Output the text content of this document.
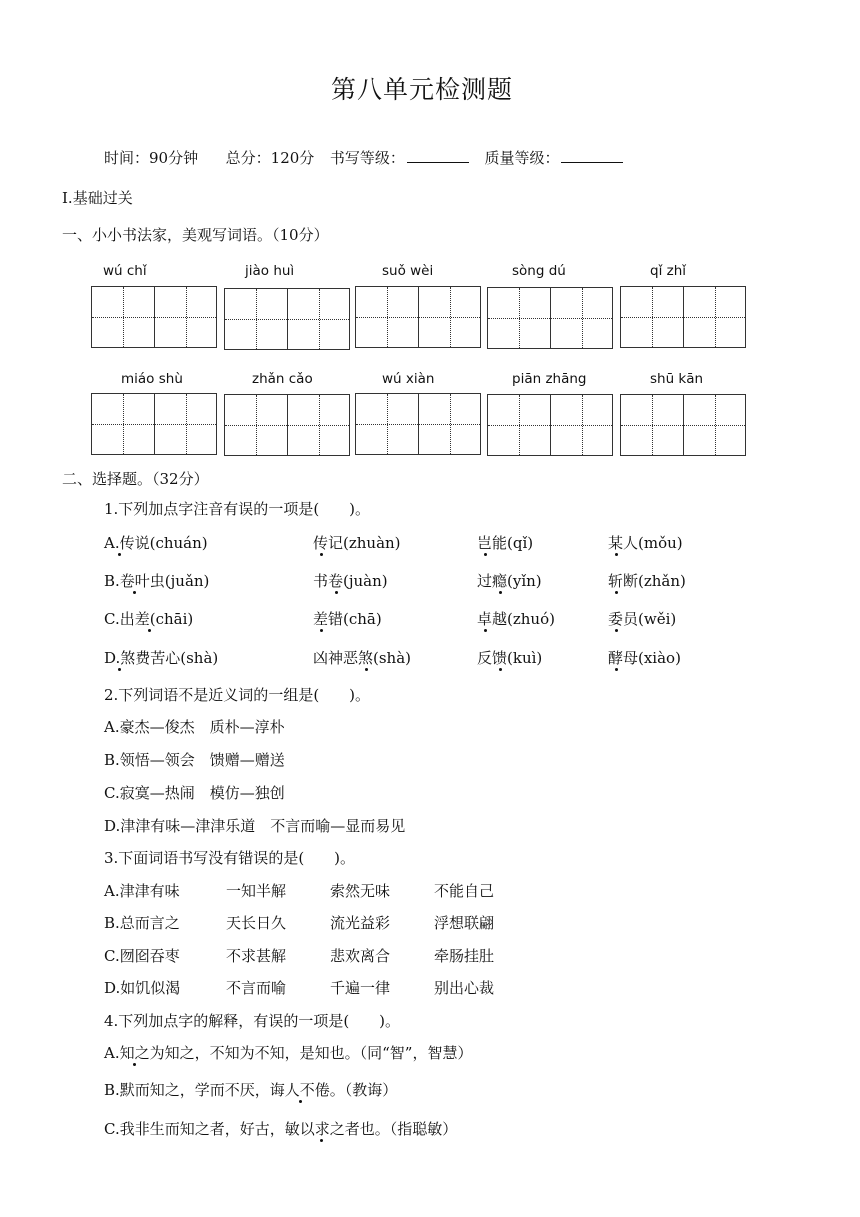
第八单元检测题
时间：90分钟 总分：120分 书写等级：	质量等级：
Ⅰ.基础过关
一、小小书法家，美观写词语。（10分）
wú chǐ	jiào huì	suǒ wèi	sòng dú	qǐ zhǐ
miáo shù	zhǎn cǎo	wú xiàn	piān zhāng	shū kān
二、选择题。（32分）
1.下列加点字注音有误的一项是(　　)。
A.传说(chuán)	传记(zhuàn)	岂能(qǐ)	某人(mǒu)
B.卷叶虫(juǎn)	书卷(juàn)	过瘾(yǐn)	斩断(zhǎn)
C.出差(chāi)	差错(chā)	卓越(zhuó)	委员(wěi)
D.煞费苦心(shà)	凶神恶煞(shà)	反馈(kuì)	酵母(xiào)
2.下列词语不是近义词的一组是(　　)。
A.豪杰—俊杰　质朴—淳朴
B.领悟—领会　馈赠—赠送
C.寂寞—热闹　模仿—独创
D.津津有味—津津乐道　不言而喻—显而易见
3.下面词语书写没有错误的是(　　)。
A.津津有味	一知半解	索然无味	不能自己
B.总而言之	天长日久	流光益彩	浮想联翩
C.囫囵吞枣	不求甚解	悲欢离合	牵肠挂肚
D.如饥似渴	不言而喻	千遍一律	别出心裁
4.下列加点字的解释，有误的一项是(　　)。
A.知之为知之，不知为不知，是知也。（同“智”，智慧）
B.默而知之，学而不厌，诲人不倦。（教诲）
C.我非生而知之者，好古，敏以求之者也。（指聪敏）
